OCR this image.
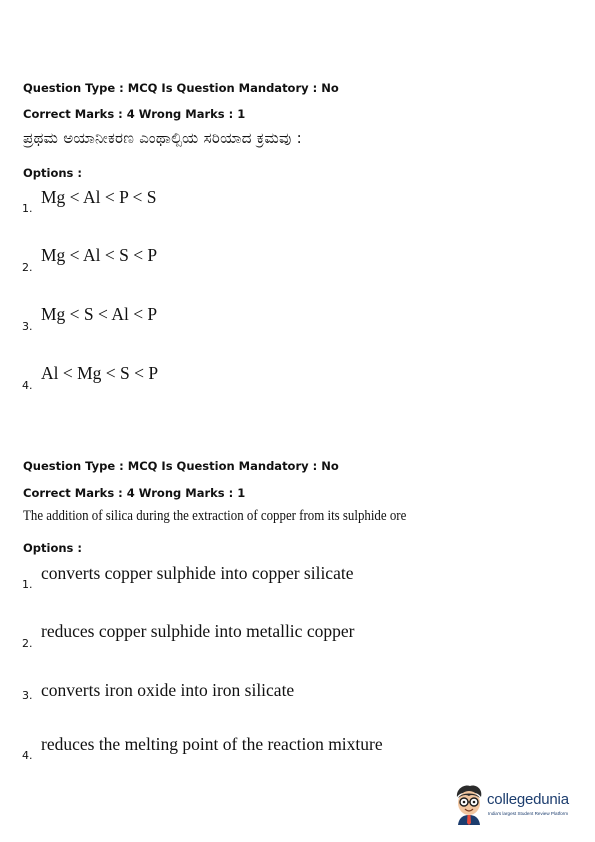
Question Type : MCQ Is Question Mandatory : No
Correct Marks : 4 Wrong Marks : 1
ಪ್ರಥಮ ಅಯಾನೀಕರಣ ಎಂಥಾಲ್ಪಿಯ ಸರಿಯಾದ ಕ್ರಮವು :
Options :
1.
Mg < Al < P < S
2.
Mg < Al < S < P
3.
Mg < S < Al < P
4.
Al < Mg < S < P
Question Type : MCQ Is Question Mandatory : No
Correct Marks : 4 Wrong Marks : 1
The addition of silica during the extraction of copper from its sulphide ore
Options :
1.
converts copper sulphide into copper silicate
2.
reduces copper sulphide into metallic copper
3. converts iron oxide into iron silicate
4.
reduces the melting point of the reaction mixture
collegedunia
India's largest Student Review Platform
